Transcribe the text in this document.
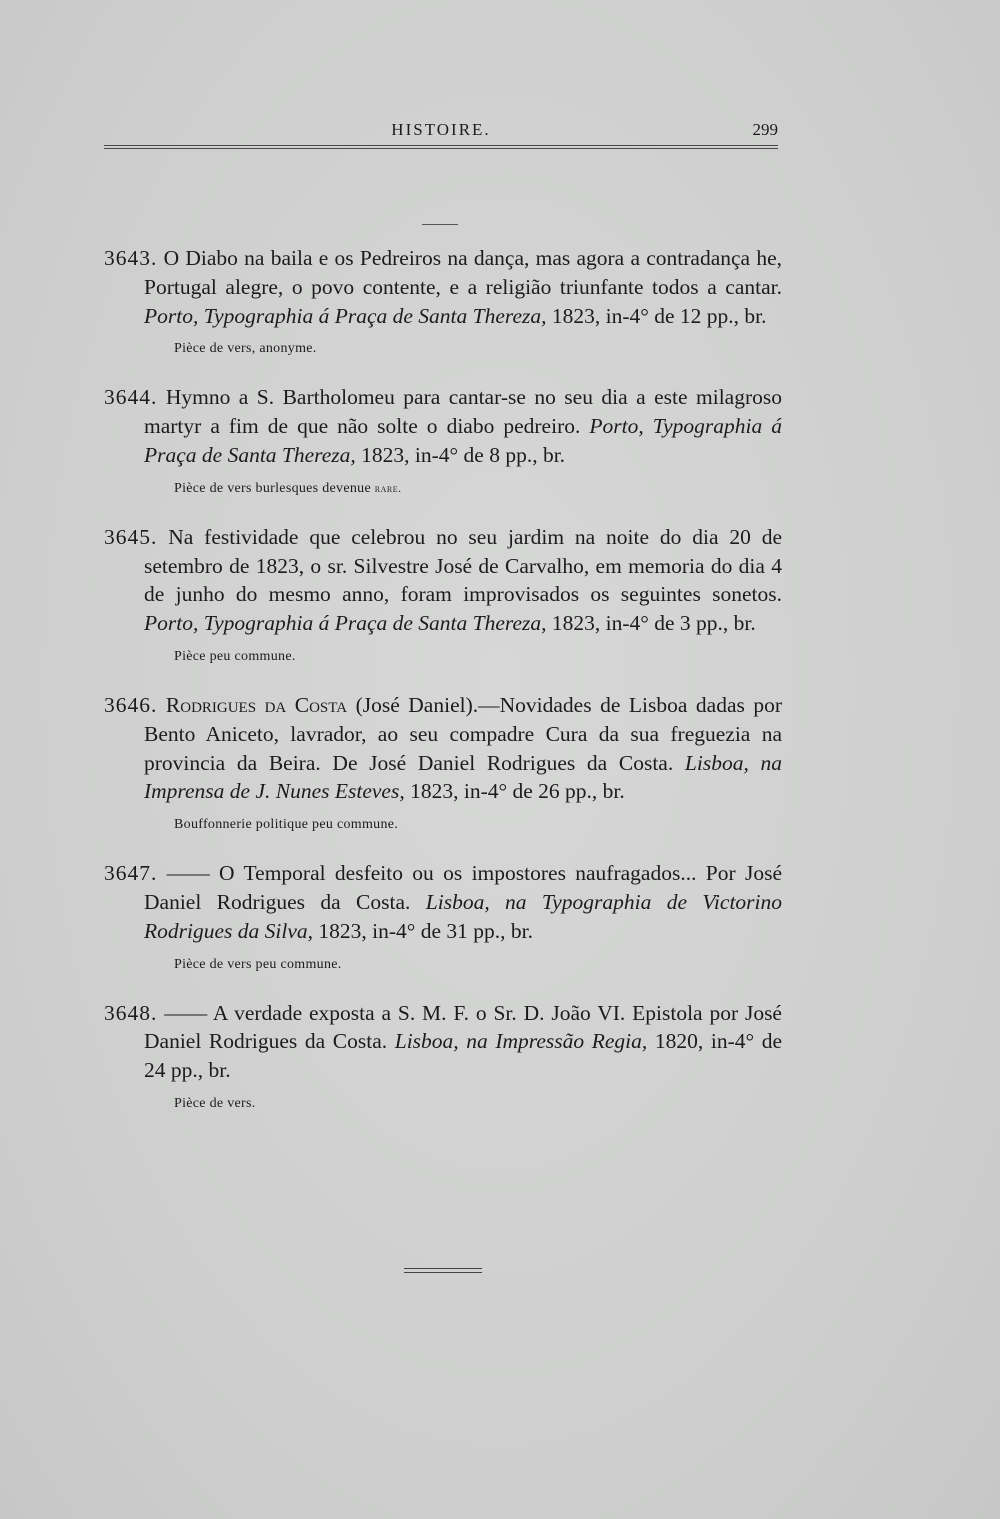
HISTOIRE.	299
3643. O Diabo na baila e os Pedreiros na dança, mas agora a contradança he, Portugal alegre, o povo contente, e a religião triunfante todos a cantar. Porto, Typographia á Praça de Santa Thereza, 1823, in-4° de 12 pp., br.
Pièce de vers, anonyme.
3644. Hymno a S. Bartholomeu para cantar-se no seu dia a este milagroso martyr a fim de que não solte o diabo pedreiro. Porto, Typographia á Praça de Santa Thereza, 1823, in-4° de 8 pp., br.
Pièce de vers burlesques devenue rare.
3645. Na festividade que celebrou no seu jardim na noite do dia 20 de setembro de 1823, o sr. Silvestre José de Carvalho, em memoria do dia 4 de junho do mesmo anno, foram improvisados os seguintes sonetos. Porto, Typographia á Praça de Santa Thereza, 1823, in-4° de 3 pp., br.
Pièce peu commune.
3646. Rodrigues da Costa (José Daniel).—Novidades de Lisboa dadas por Bento Aniceto, lavrador, ao seu compadre Cura da sua freguezia na provincia da Beira. De José Daniel Rodrigues da Costa. Lisboa, na Imprensa de J. Nunes Esteves, 1823, in-4° de 26 pp., br.
Bouffonnerie politique peu commune.
3647. —— O Temporal desfeito ou os impostores naufragados... Por José Daniel Rodrigues da Costa. Lisboa, na Typographia de Victorino Rodrigues da Silva, 1823, in-4° de 31 pp., br.
Pièce de vers peu commune.
3648. —— A verdade exposta a S. M. F. o Sr. D. João VI. Epistola por José Daniel Rodrigues da Costa. Lisboa, na Impressão Regia, 1820, in-4° de 24 pp., br.
Pièce de vers.
